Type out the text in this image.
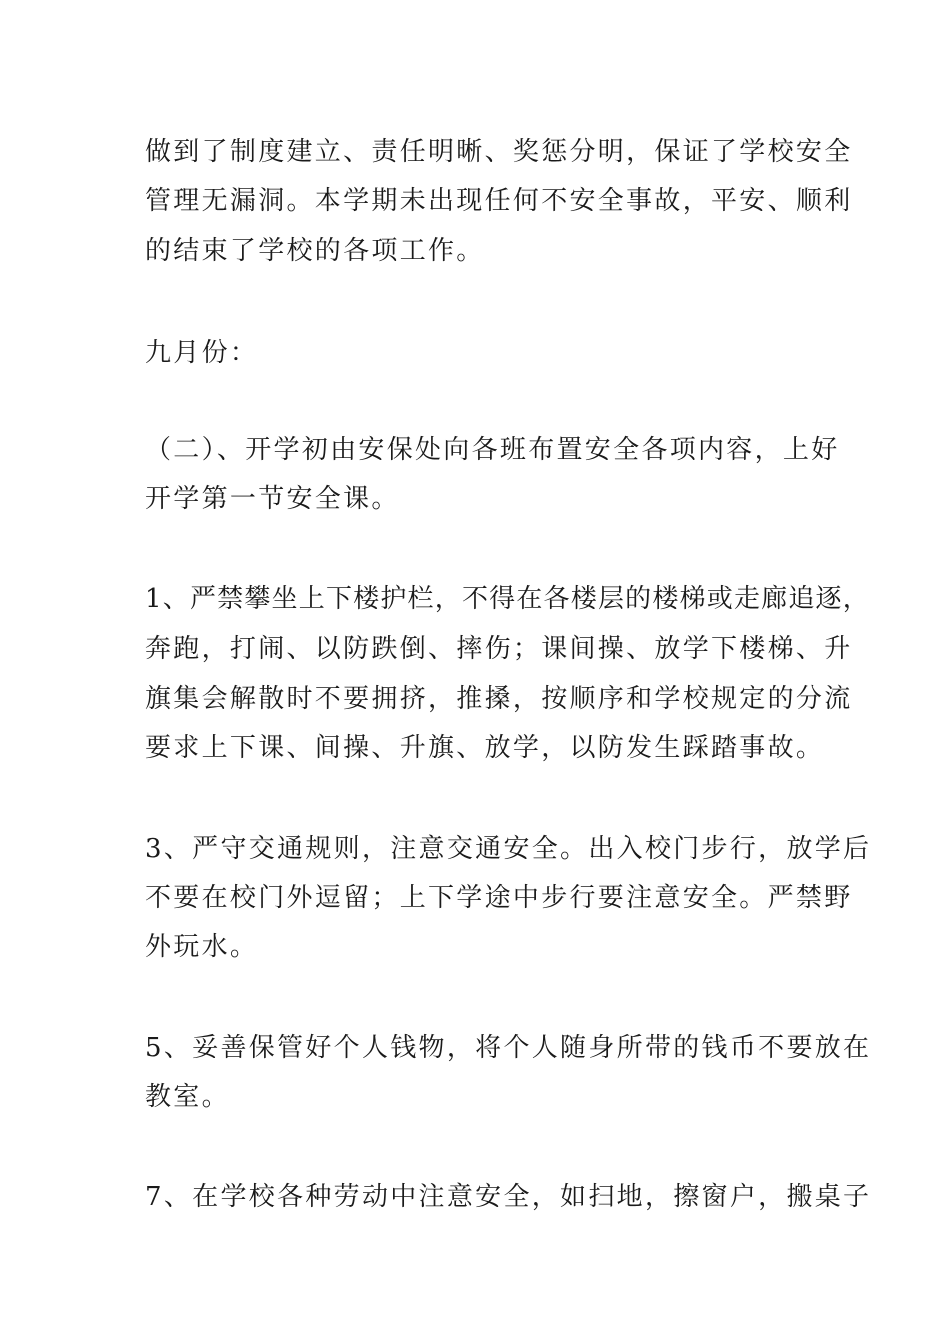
做到了制度建立、责任明晰、奖惩分明，保证了学校安全
管理无漏洞。本学期未出现任何不安全事故，平安、顺利
的结束了学校的各项工作。
九月份：
（二）、开学初由安保处向各班布置安全各项内容，上好
开学第一节安全课。
1、严禁攀坐上下楼护栏，不得在各楼层的楼梯或走廊追逐，
奔跑，打闹、以防跌倒、摔伤；课间操、放学下楼梯、升
旗集会解散时不要拥挤，推搡，按顺序和学校规定的分流
要求上下课、间操、升旗、放学，以防发生踩踏事故。
3、严守交通规则，注意交通安全。出入校门步行，放学后
不要在校门外逗留；上下学途中步行要注意安全。严禁野
外玩水。
5、妥善保管好个人钱物，将个人随身所带的钱币不要放在
教室。
7、在学校各种劳动中注意安全，如扫地，擦窗户，搬桌子
